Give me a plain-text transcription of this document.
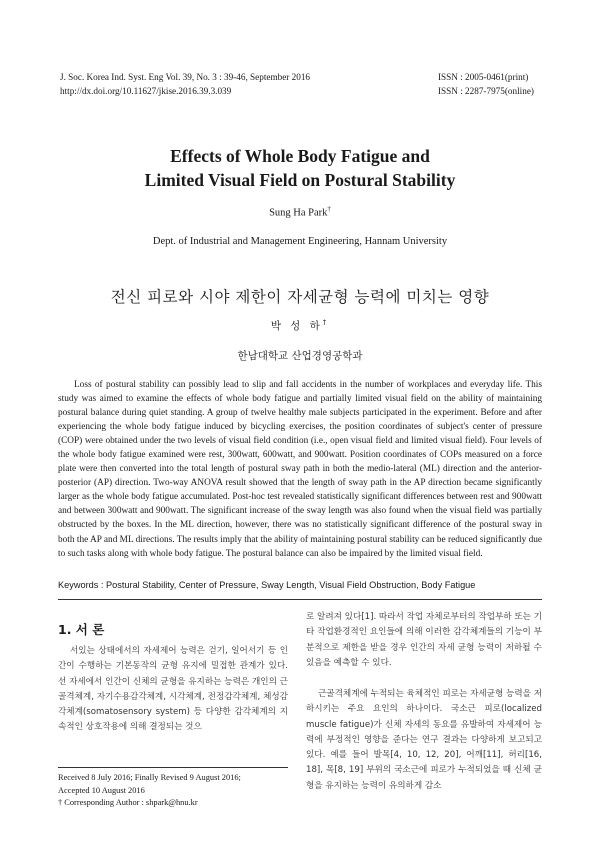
J. Soc. Korea Ind. Syst. Eng Vol. 39, No. 3 : 39-46, September 2016
http://dx.doi.org/10.11627/jkise.2016.39.3.039
ISSN : 2005-0461(print)
ISSN : 2287-7975(online)
Effects of Whole Body Fatigue and
Limited Visual Field on Postural Stability
Sung Ha Park†
Dept. of Industrial and Management Engineering, Hannam University
전신 피로와 시야 제한이 자세균형 능력에 미치는 영향
박 성 하†
한남대학교 산업경영공학과

Loss of postural stability can possibly lead to slip and fall accidents in the number of workplaces and everyday life. This study was aimed to examine the effects of whole body fatigue and partially limited visual field on the ability of maintaining postural balance during quiet standing. A group of twelve healthy male subjects participated in the experiment. Before and after experiencing the whole body fatigue induced by bicycling exercises, the position coordinates of subject's center of pressure (COP) were obtained under the two levels of visual field condition (i.e., open visual field and limited visual field). Four levels of the whole body fatigue examined were rest, 300watt, 600watt, and 900watt. Position coordinates of COPs measured on a force plate were then converted into the total length of postural sway path in both the medio-lateral (ML) direction and the anterior-posterior (AP) direction. Two-way ANOVA result showed that the length of sway path in the AP direction became significantly larger as the whole body fatigue accumulated. Post-hoc test revealed statistically significant differences between rest and 900watt and between 300watt and 900watt. The significant increase of the sway length was also found when the visual field was partially obstructed by the boxes. In the ML direction, however, there was no statistically significant difference of the postural sway in both the AP and ML directions. The results imply that the ability of maintaining postural stability can be reduced significantly due to such tasks along with whole body fatigue. The postural balance can also be impaired by the limited visual field.

Keywords : Postural Stability, Center of Pressure, Sway Length, Visual Field Obstruction, Body Fatigue
1. 서 론

서있는 상태에서의 자세제어 능력은 걷기, 일어서기 등 인간이 수행하는 기본동작의 균형 유지에 밀접한 관계가 있다. 선 자세에서 인간이 신체의 균형을 유지하는 능력은 개인의 근골격체계, 자기수용감각체계, 시각체계, 전정감각체계, 체성감각체계(somatosensory system) 등 다양한 감각체계의 지속적인 상호작용에 의해 결정되는 것으

로 알려져 있다[1]. 따라서 작업 자체로부터의 작업부하 또는 기타 작업환경적인 요인들에 의해 이러한 감각체계들의 기능이 부분적으로 제한을 받을 경우 인간의 자세 균형 능력이 저하될 수 있음을 예측할 수 있다.

근골격체계에 누적되는 육체적인 피로는 자세균형 능력을 저하시키는 주요 요인의 하나이다. 국소근 피로(localized muscle fatigue)가 신체 자세의 동요를 유발하여 자세제어 능력에 부정적인 영향을 준다는 연구 결과는 다양하게 보고되고 있다. 예를 들어 발목[4, 10, 12, 20], 어깨[11], 허리[16, 18], 목[8, 19] 부위의 국소근에 피로가 누적되었을 때 신체 균형을 유지하는 능력이 유의하게 감소

Received 8 July 2016; Finally Revised 9 August 2016;
Accepted 10 August 2016
† Corresponding Author : shpark@hnu.kr
